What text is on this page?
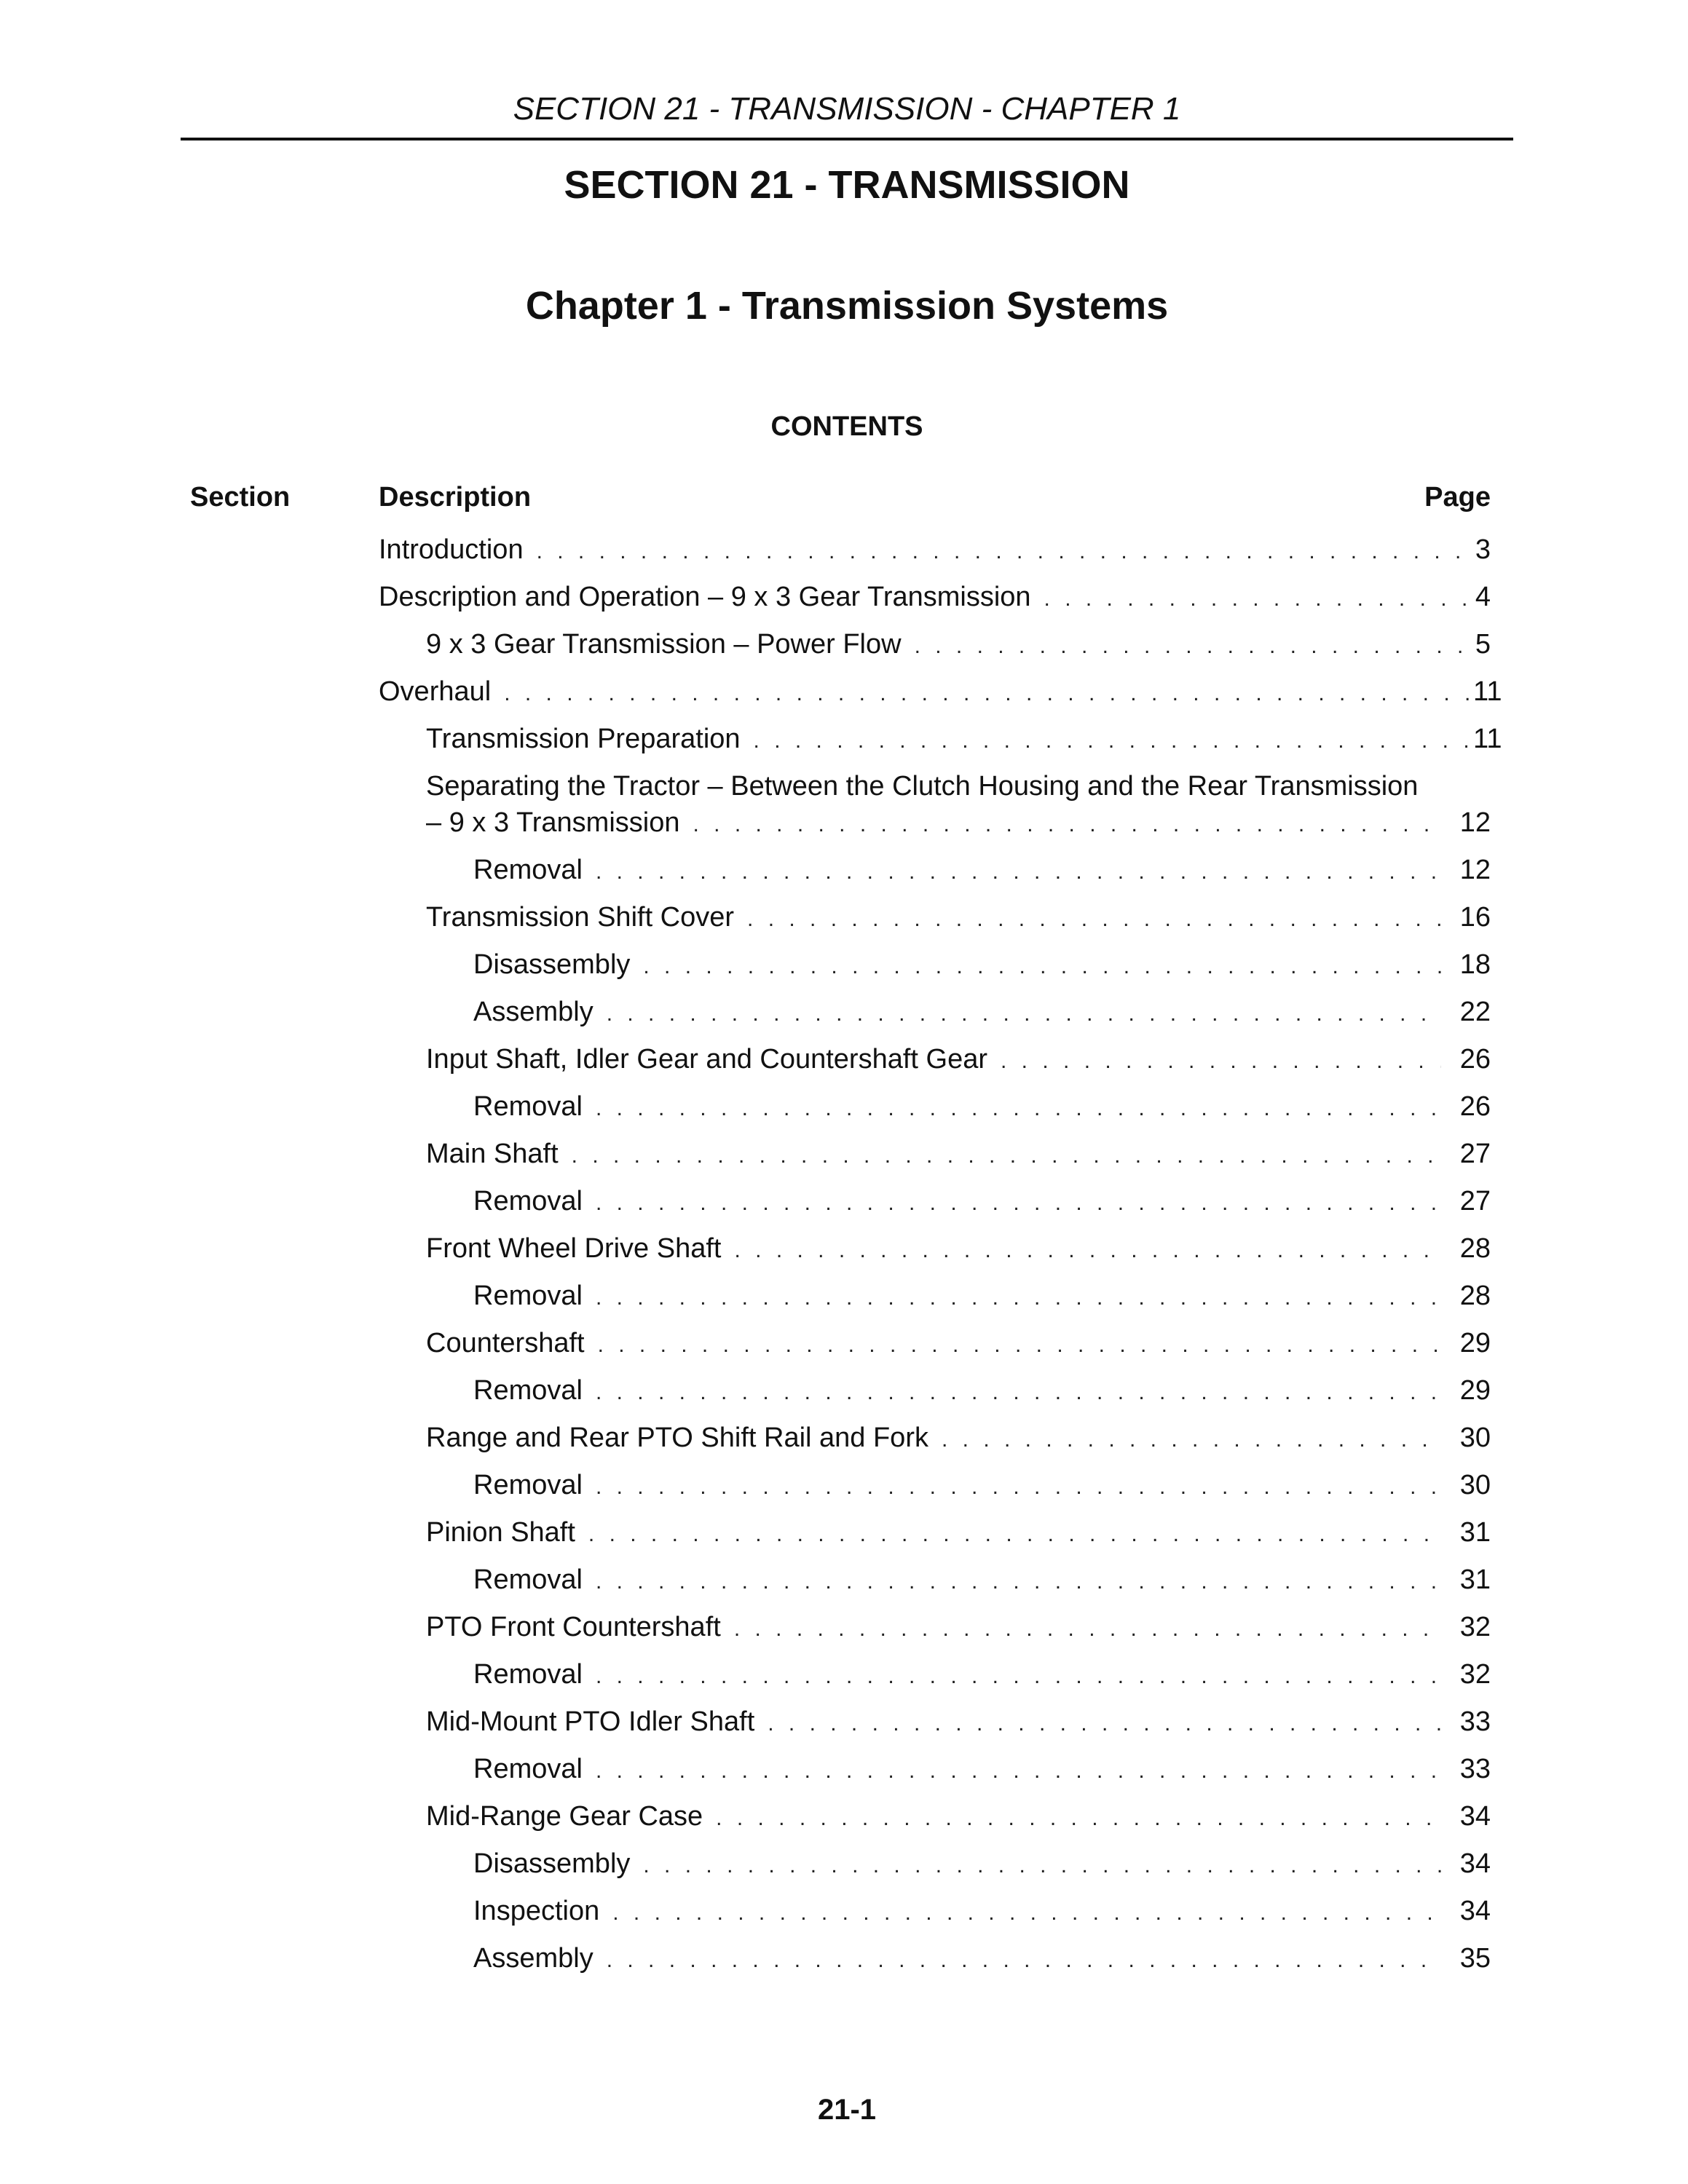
SECTION 21 - TRANSMISSION - CHAPTER 1
SECTION 21 - TRANSMISSION
Chapter 1 - Transmission Systems
CONTENTS
Section	Description	Page
Introduction . . .	3
Description and Operation – 9 x 3 Gear Transmission . . .	4
9 x 3 Gear Transmission – Power Flow . . .	5
Overhaul . . .	11
Transmission Preparation . . .	11
Separating the Tractor – Between the Clutch Housing and the Rear Transmission
– 9 x 3 Transmission . . .	12
Removal . . .	12
Transmission Shift Cover . . .	16
Disassembly . . .	18
Assembly . . .	22
Input Shaft, Idler Gear and Countershaft Gear . . .	26
Removal . . .	26
Main Shaft . . .	27
Removal . . .	27
Front Wheel Drive Shaft . . .	28
Removal . . .	28
Countershaft . . .	29
Removal . . .	29
Range and Rear PTO Shift Rail and Fork . . .	30
Removal . . .	30
Pinion Shaft . . .	31
Removal . . .	31
PTO Front Countershaft . . .	32
Removal . . .	32
Mid-Mount PTO Idler Shaft . . .	33
Removal . . .	33
Mid-Range Gear Case . . .	34
Disassembly . . .	34
Inspection . . .	34
Assembly . . .	35
21-1
